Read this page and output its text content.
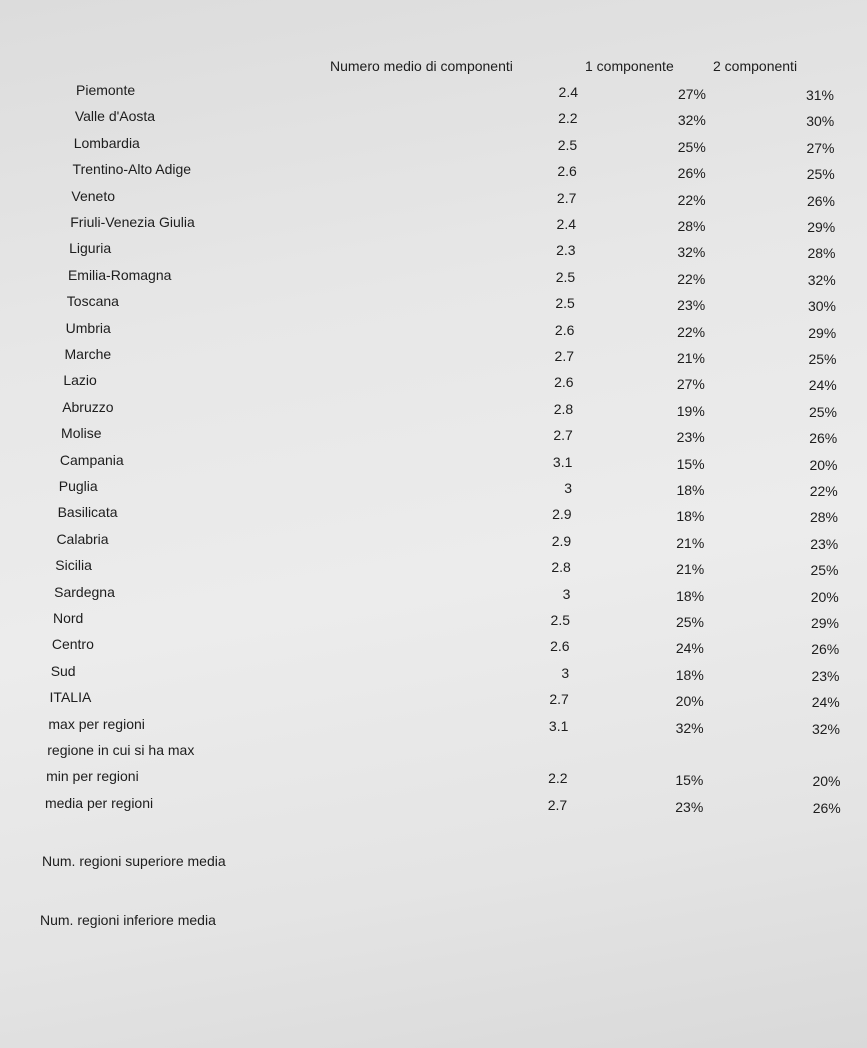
Numero medio di componenti	1 componente	2 componenti
Piemonte	2.4	27%	31%
Valle d'Aosta	2.2	32%	30%
Lombardia	2.5	25%	27%
Trentino-Alto Adige	2.6	26%	25%
Veneto	2.7	22%	26%
Friuli-Venezia Giulia	2.4	28%	29%
Liguria	2.3	32%	28%
Emilia-Romagna	2.5	22%	32%
Toscana	2.5	23%	30%
Umbria	2.6	22%	29%
Marche	2.7	21%	25%
Lazio	2.6	27%	24%
Abruzzo	2.8	19%	25%
Molise	2.7	23%	26%
Campania	3.1	15%	20%
Puglia	3	18%	22%
Basilicata	2.9	18%	28%
Calabria	2.9	21%	23%
Sicilia	2.8	21%	25%
Sardegna	3	18%	20%
Nord	2.5	25%	29%
Centro	2.6	24%	26%
Sud	3	18%	23%
ITALIA	2.7	20%	24%
max per regioni	3.1	32%	32%
regione in cui si ha max
min per regioni	2.2	15%	20%
media per regioni	2.7	23%	26%
Num. regioni superiore media
Num. regioni inferiore media
